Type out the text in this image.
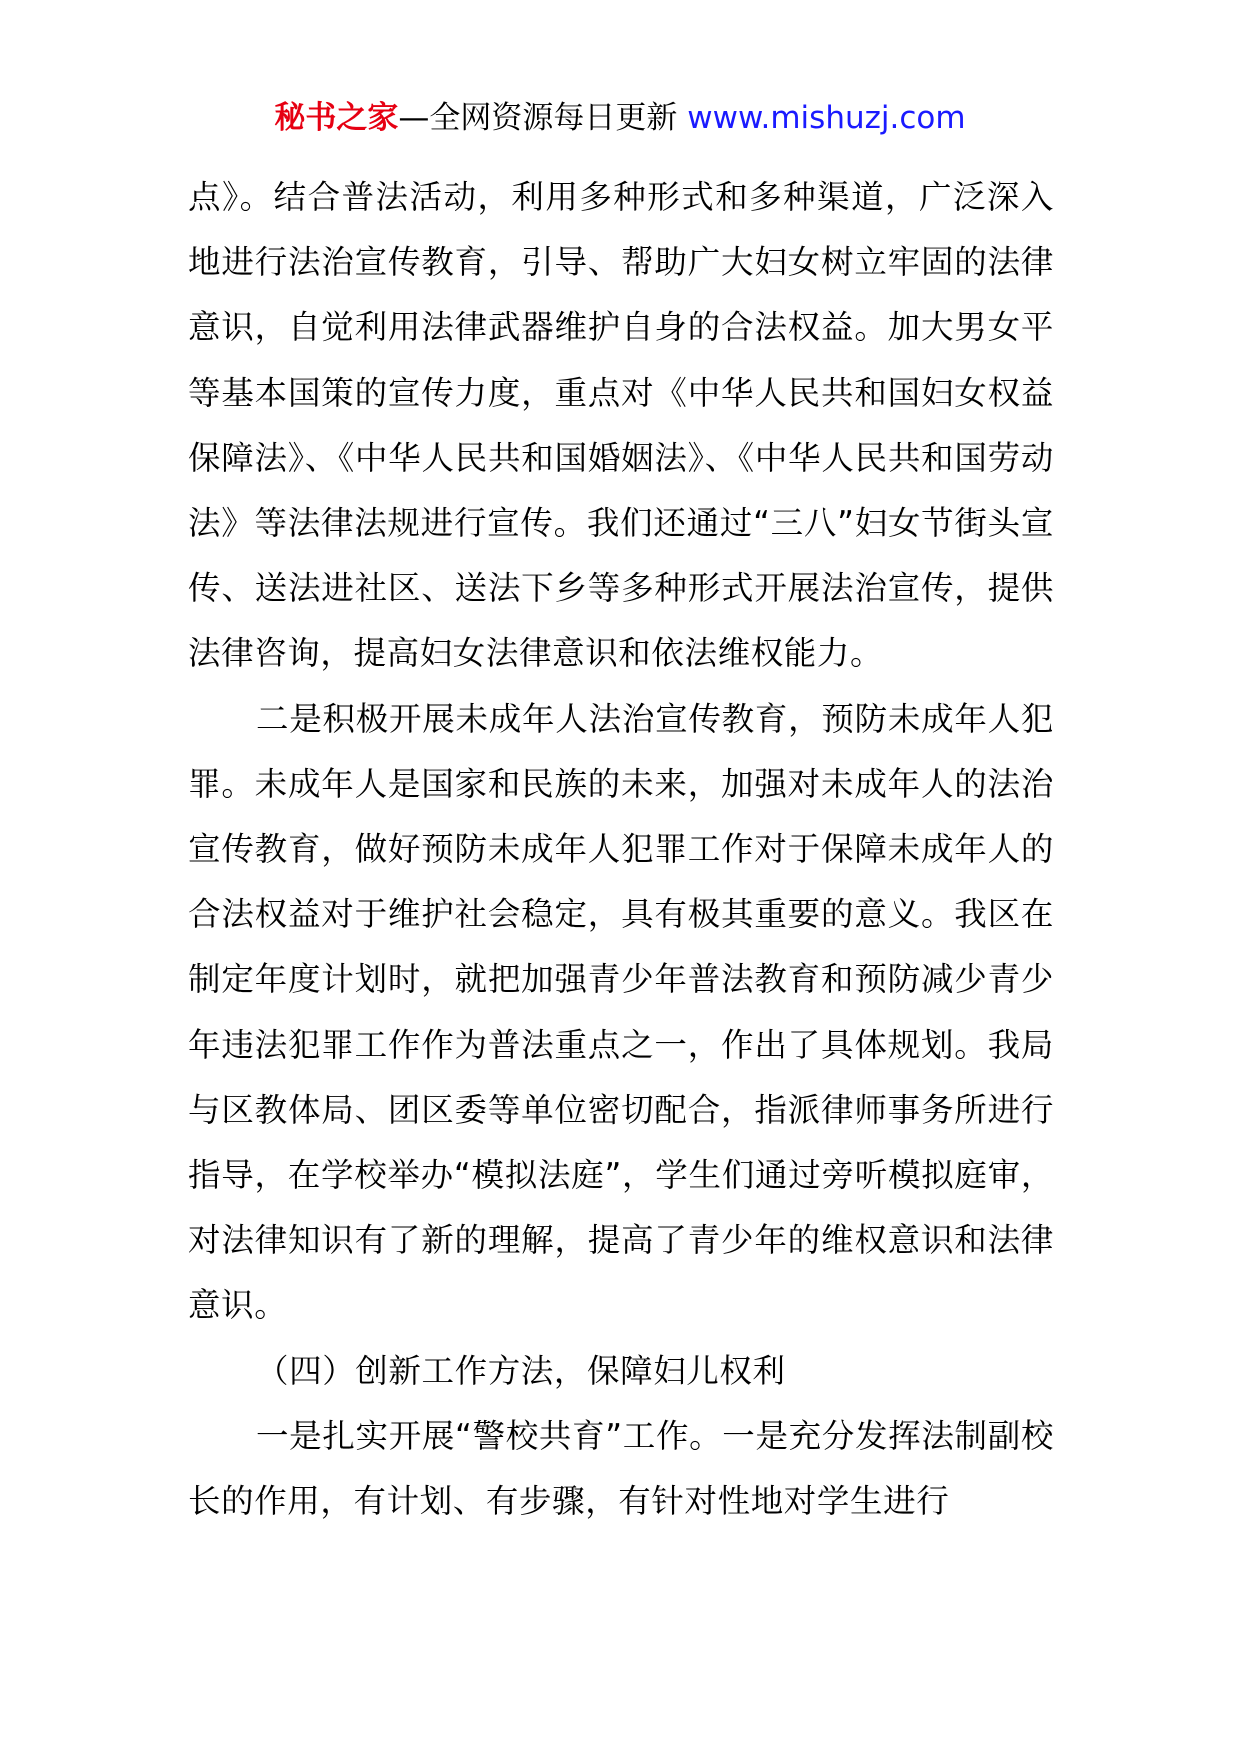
秘书之家—全网资源每日更新 www.mishuzj.com

点》。结合普法活动，利用多种形式和多种渠道，广泛深入地进行法治宣传教育，引导、帮助广大妇女树立牢固的法律意识，自觉利用法律武器维护自身的合法权益。加大男女平等基本国策的宣传力度，重点对《中华人民共和国妇女权益保障法》、《中华人民共和国婚姻法》、《中华人民共和国劳动法》等法律法规进行宣传。我们还通过“三八”妇女节街头宣传、送法进社区、送法下乡等多种形式开展法治宣传，提供法律咨询，提高妇女法律意识和依法维权能力。

二是积极开展未成年人法治宣传教育，预防未成年人犯罪。未成年人是国家和民族的未来，加强对未成年人的法治宣传教育，做好预防未成年人犯罪工作对于保障未成年人的合法权益对于维护社会稳定，具有极其重要的意义。我区在制定年度计划时，就把加强青少年普法教育和预防减少青少年违法犯罪工作作为普法重点之一，作出了具体规划。我局与区教体局、团区委等单位密切配合，指派律师事务所进行指导，在学校举办“模拟法庭”，学生们通过旁听模拟庭审，对法律知识有了新的理解，提高了青少年的维权意识和法律意识。

（四）创新工作方法，保障妇儿权利

一是扎实开展“警校共育”工作。一是充分发挥法制副校长的作用，有计划、有步骤，有针对性地对学生进行
